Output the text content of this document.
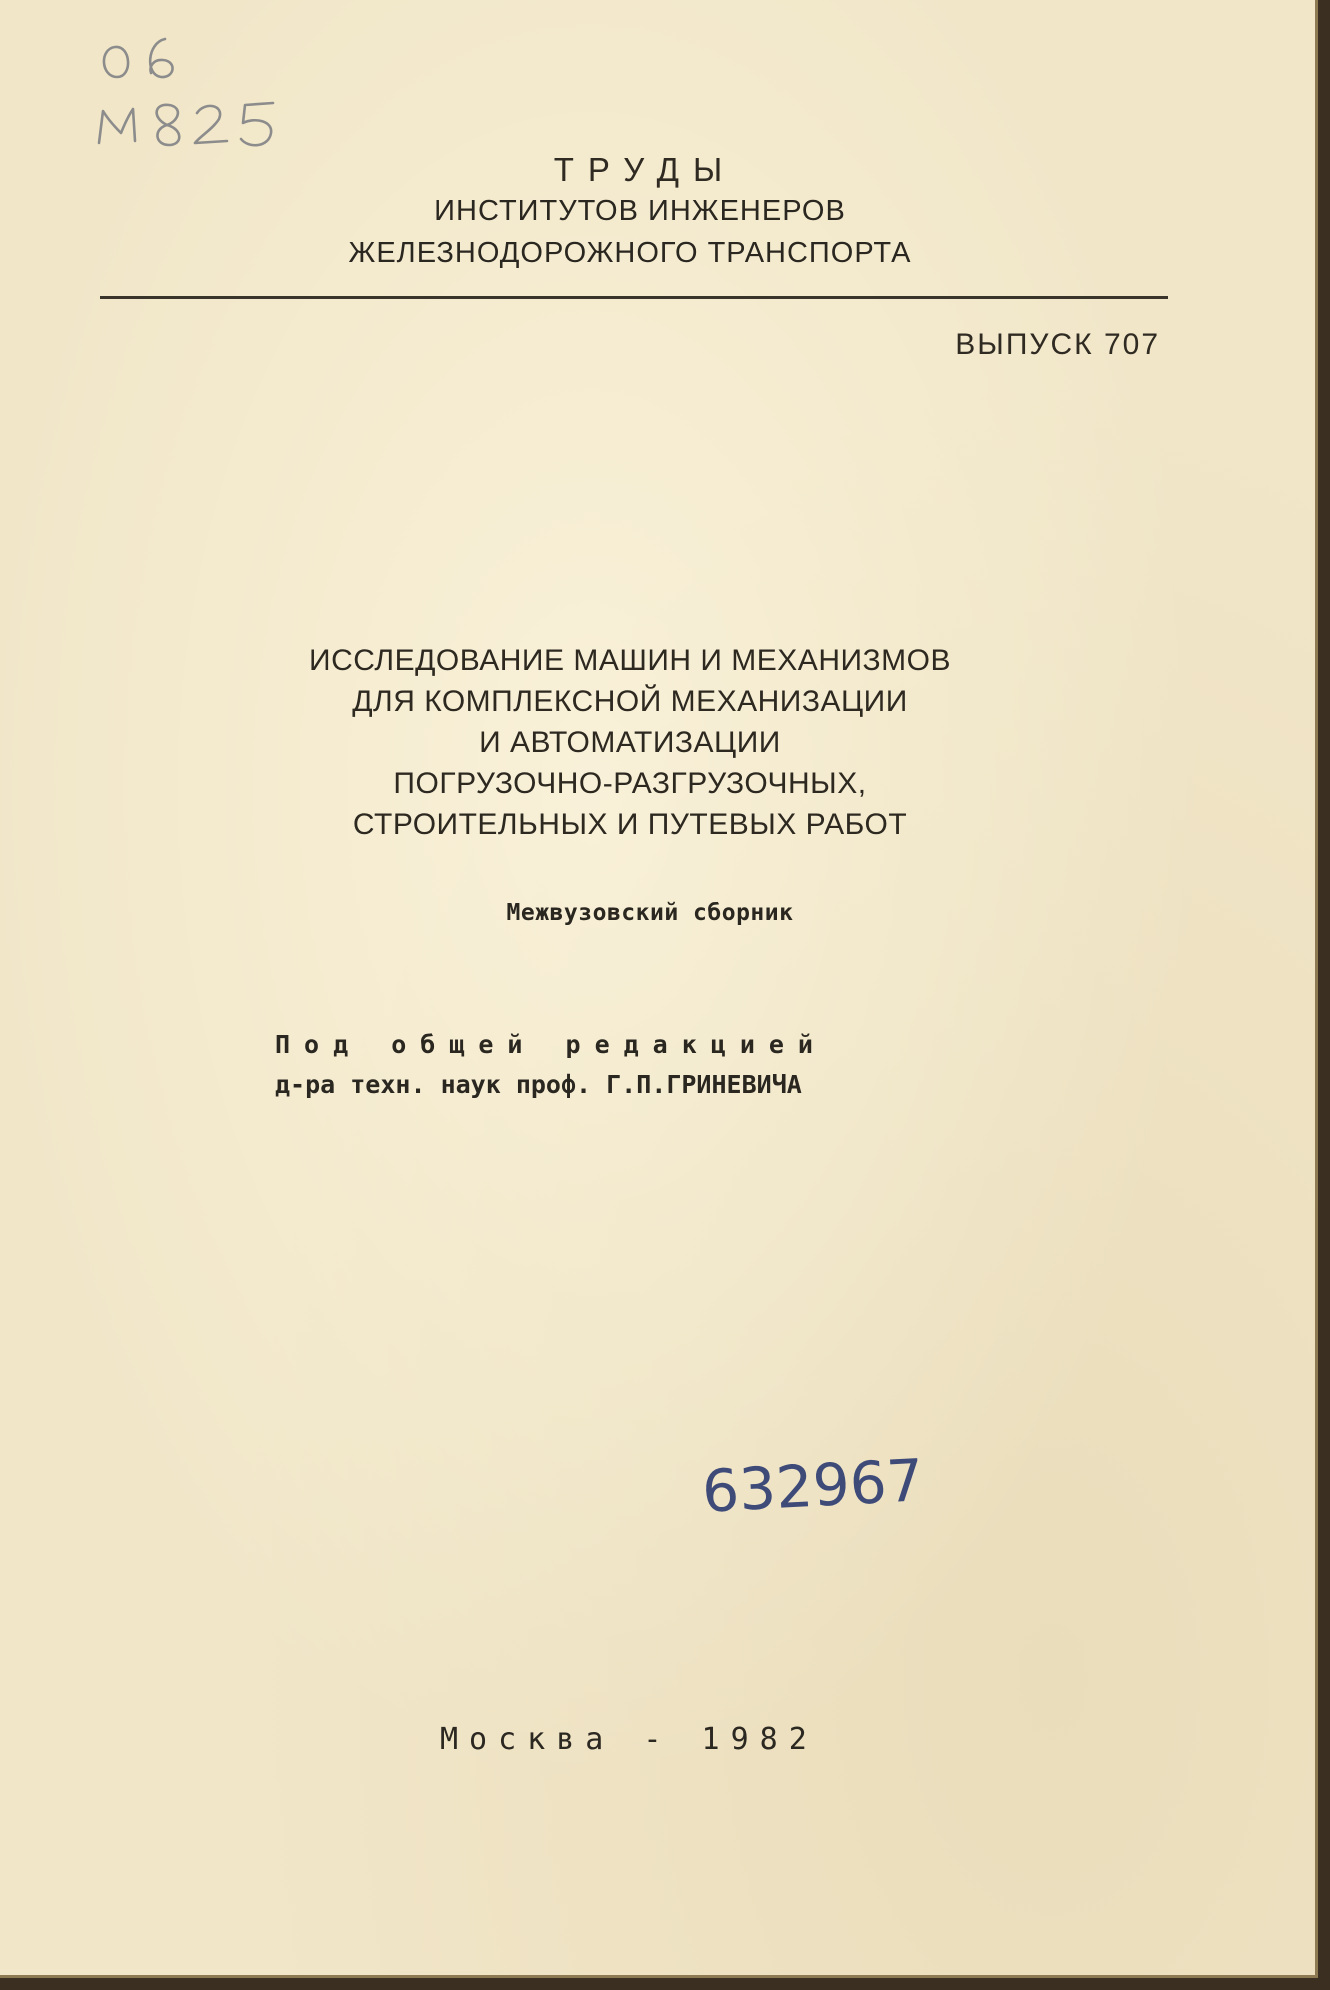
ТРУДЫ
ИНСТИТУТОВ ИНЖЕНЕРОВ
ЖЕЛЕЗНОДОРОЖНОГО ТРАНСПОРТА
ВЫПУСК 707
ИССЛЕДОВАНИЕ МАШИН И МЕХАНИЗМОВ
ДЛЯ КОМПЛЕКСНОЙ МЕХАНИЗАЦИИ
И АВТОМАТИЗАЦИИ
ПОГРУЗОЧНО-РАЗГРУЗОЧНЫХ,
СТРОИТЕЛЬНЫХ И ПУТЕВЫХ РАБОТ
Межвузовский сборник
Под общей редакцией
д-ра техн. наук проф. Г.П.ГРИНЕВИЧА
632967
Москва - 1982
